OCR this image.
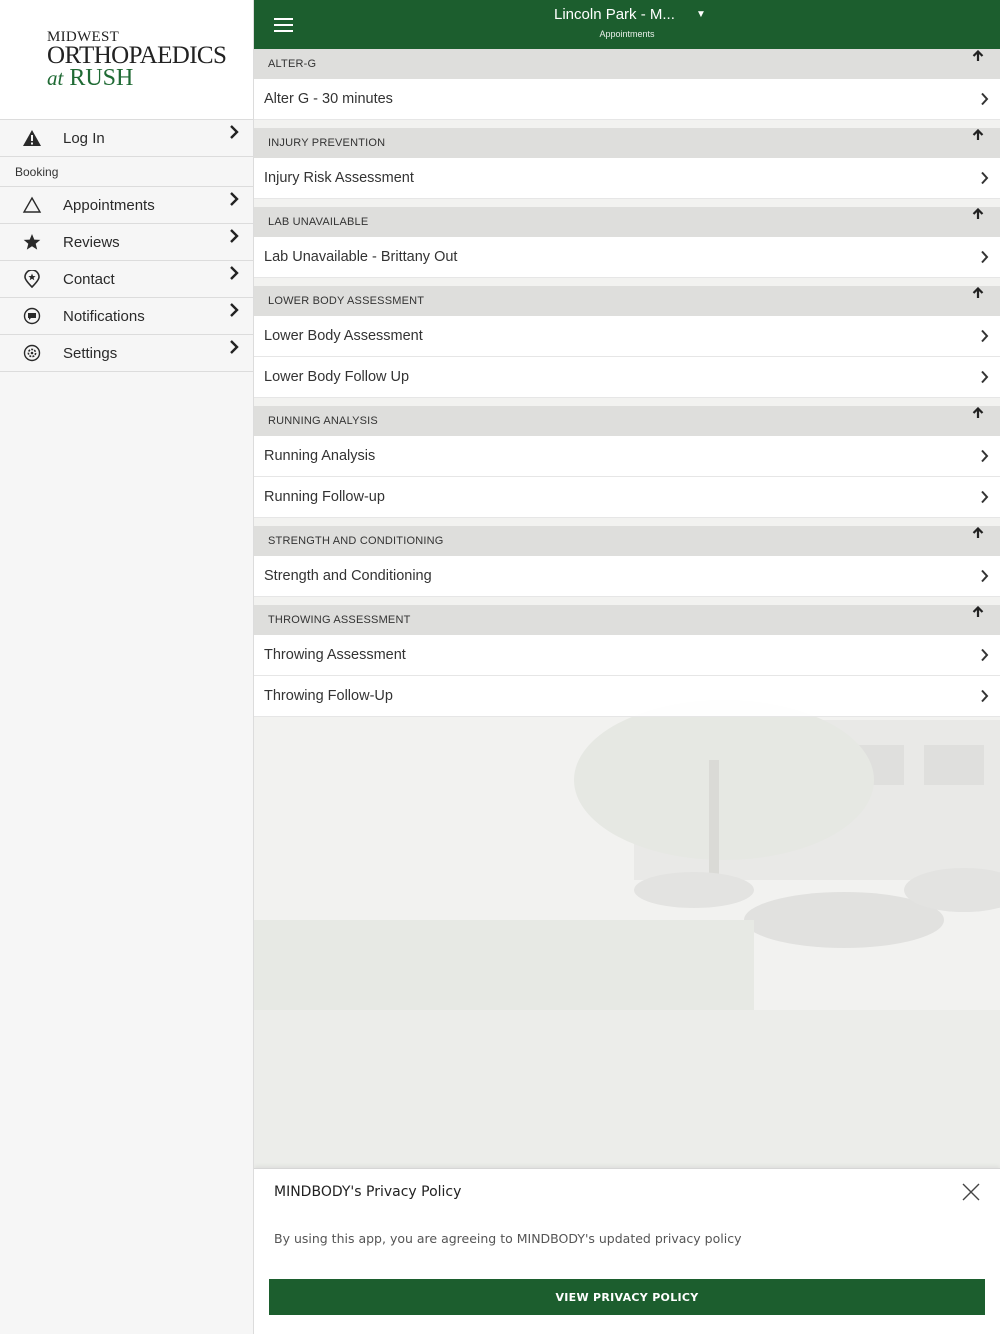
MIDWEST
ORTHOPAEDICS
at RUSH
Log In
Booking
Appointments
Reviews
Contact
Notifications
Settings
Lincoln Park - M... ▼
Appointments
ALTER-G
Alter G - 30 minutes
INJURY PREVENTION
Injury Risk Assessment
LAB UNAVAILABLE
Lab Unavailable - Brittany Out
LOWER BODY ASSESSMENT
Lower Body Assessment
Lower Body Follow Up
RUNNING ANALYSIS
Running Analysis
Running Follow-up
STRENGTH AND CONDITIONING
Strength and Conditioning
THROWING ASSESSMENT
Throwing Assessment
Throwing Follow-Up
MINDBODY's Privacy Policy
By using this app, you are agreeing to MINDBODY's updated privacy policy
VIEW PRIVACY POLICY
